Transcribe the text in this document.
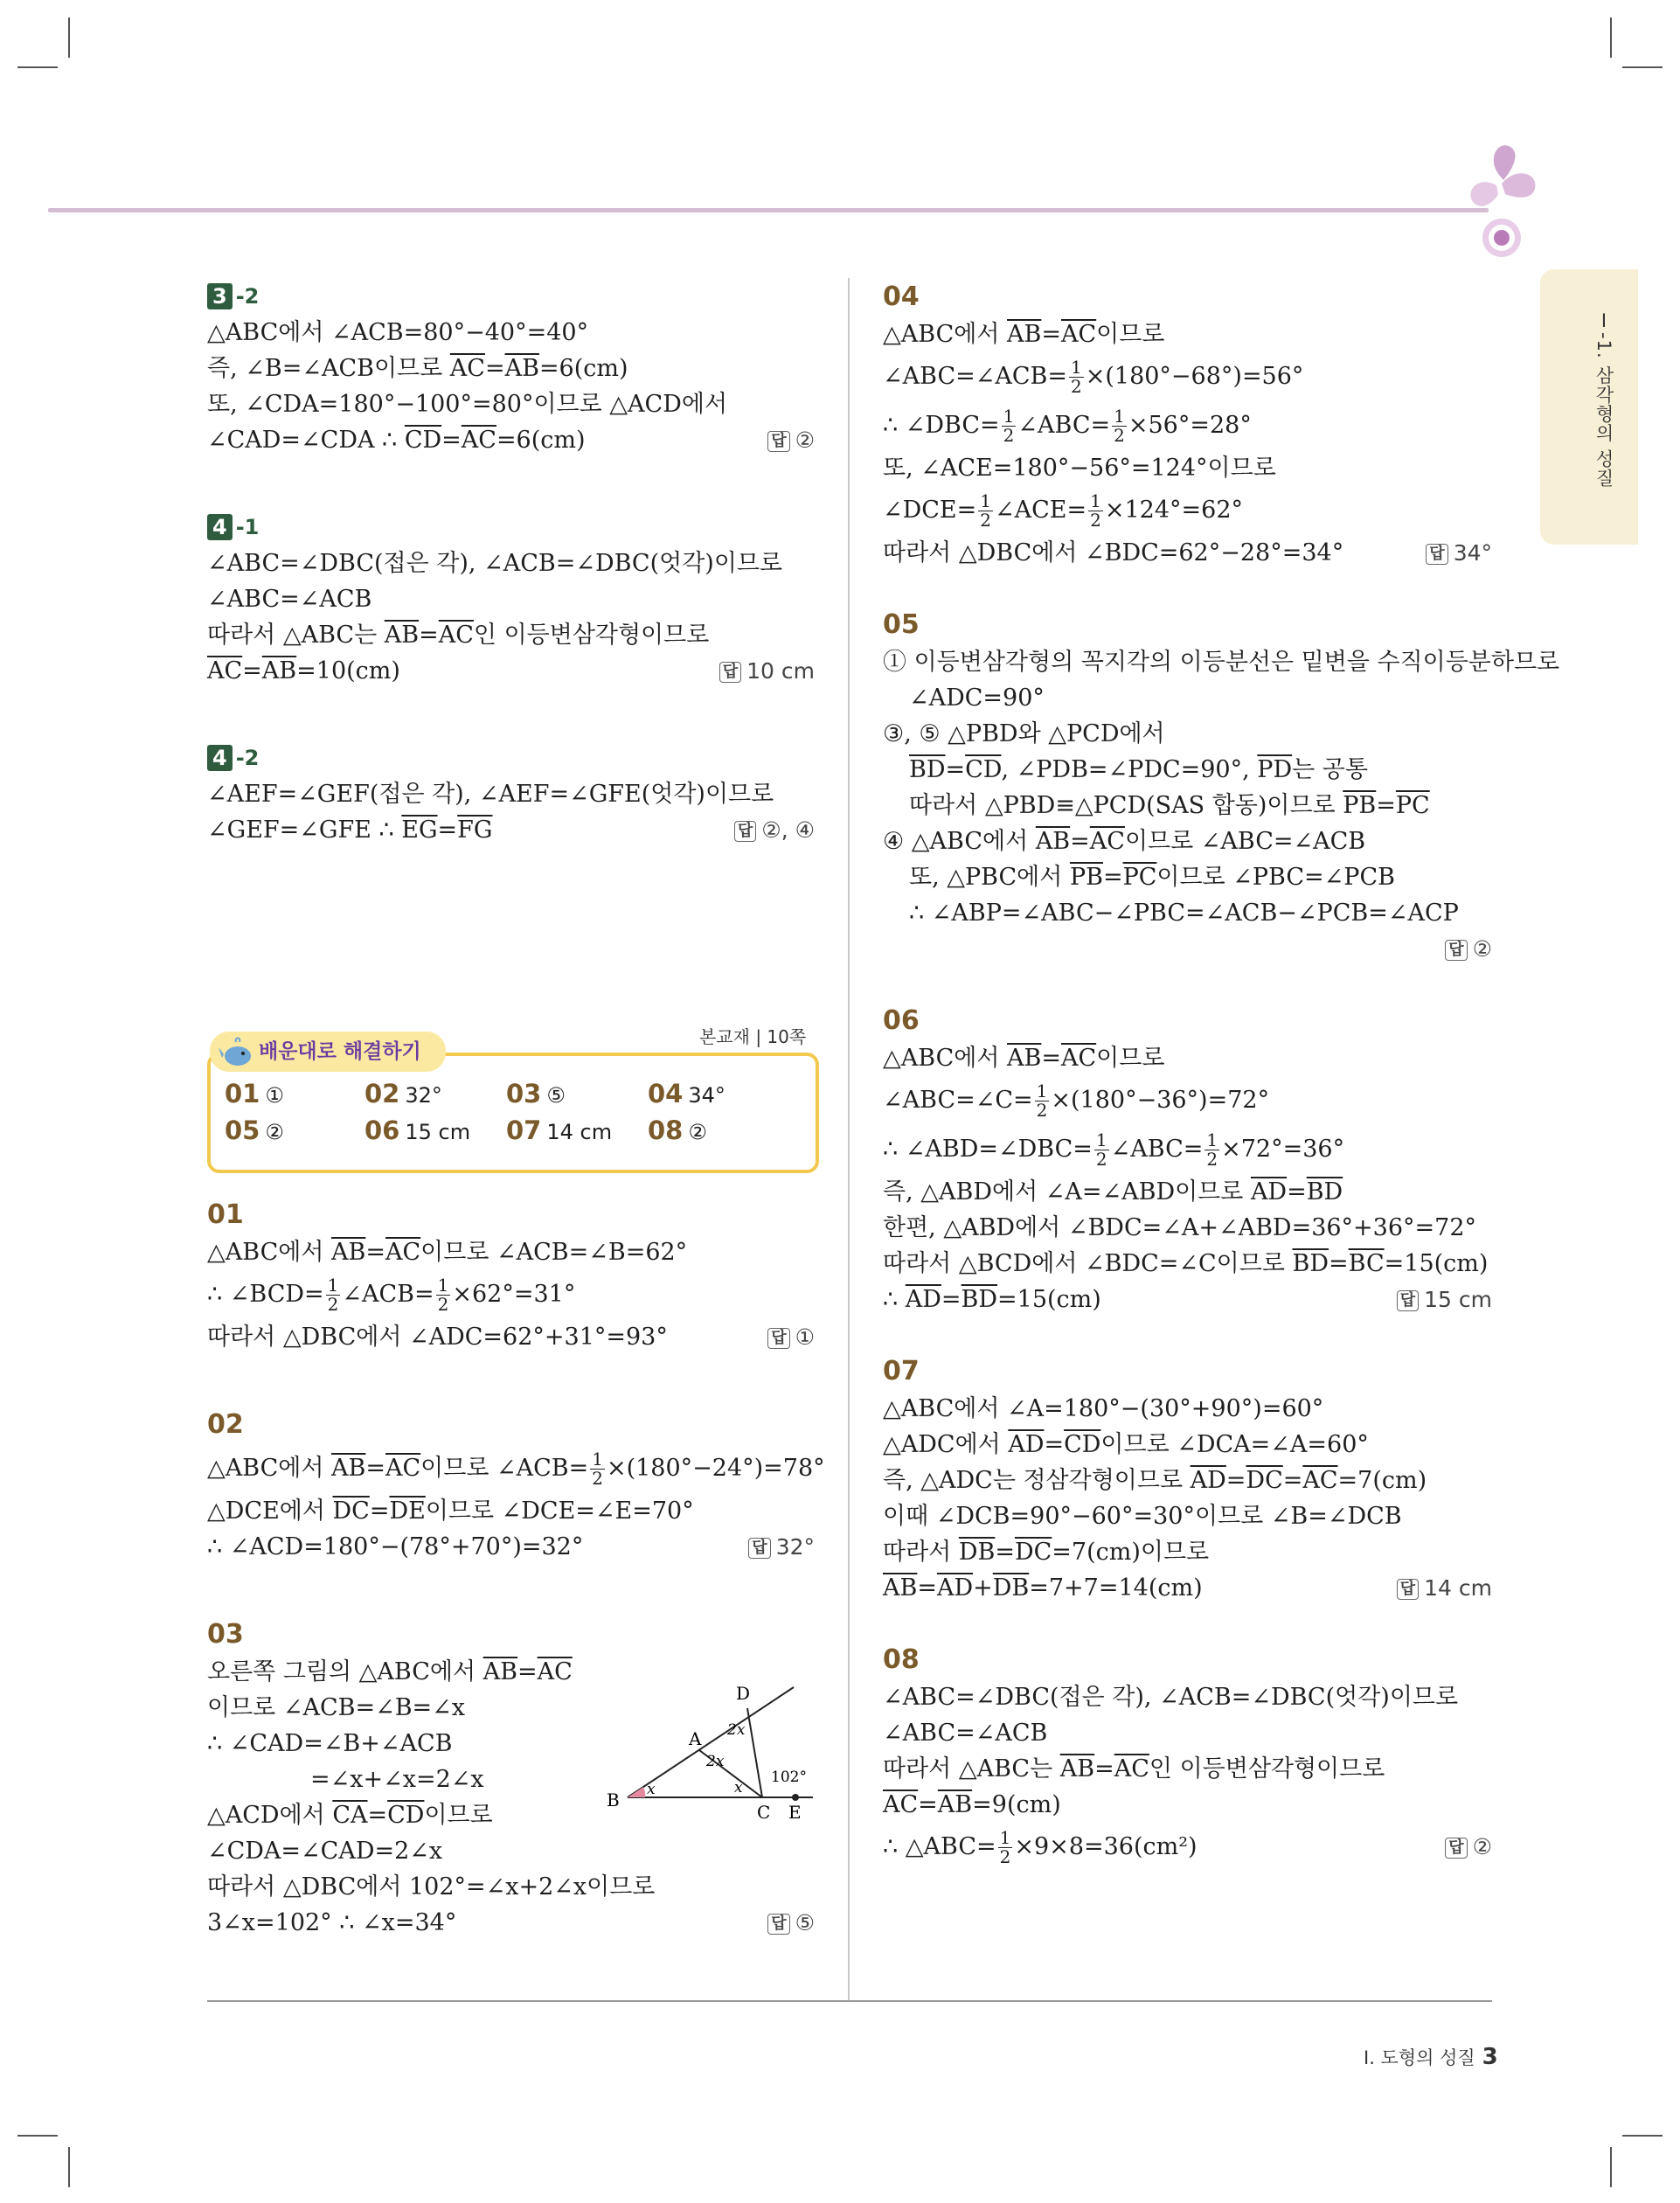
Ⅰ-1. 삼각형의 성질

3 -2

△ABC에서 ∠ACB=80°−40°=40°

즉, ∠B=∠ACB이므로 $\overline{AC}=\overline{AB}=6(cm)$

또, ∠CDA=180°−100°=80°이므로 △ACD에서

∠CAD=∠CDA ∴ $\overline{CD}=\overline{AC}=6(cm)$	답 ②

4 -1

∠ABC=∠DBC(접은 각), ∠ACB=∠DBC(엇각)이므로

∠ABC=∠ACB

따라서 △ABC는 $\overline{AB}=\overline{AC}$인 이등변삼각형이므로

$\overline{AC}=\overline{AB}=10(cm)$	답 10 cm

4 -2

∠AEF=∠GEF(접은 각), ∠AEF=∠GFE(엇각)이므로

∠GEF=∠GFE ∴ $\overline{EG}=\overline{FG}$	답 ②, ④

본교재 | 10쪽
배운대로 해결하기
01 ①	02 32°	03 ⑤	04 34°
05 ②	06 15 cm 07 14 cm 08 ②

01

△ABC에서 $\overline{AB}=\overline{AC}$이므로 ∠ACB=∠B=62°

∴ ∠BCD= $\frac{1}{2}$ ∠ACB= $\frac{1}{2} \times 62^\circ=31^\circ$

따라서 △DBC에서 ∠ADC=62°+31°=93°	답 ①

02

△ABC에서 $\overline{AB}=\overline{AC}$이므로 ∠ACB= $\frac{1}{2} \times(180^\circ-24^\circ)=78^\circ$

△DCE에서 $\overline{DC}=\overline{DE}$이므로 ∠DCE=∠E=70°

∴ ∠ACD=180°−(78°+70°)=32°	답 32°

03

오른쪽 그림의 △ABC에서 $\overline{AB}=\overline{AC}$

이므로 ∠ACB=∠B=∠x

∴ ∠CAD=∠B+∠ACB

=∠x+∠x=2∠x

△ACD에서 $\overline{CA}=\overline{CD}$이므로

∠CDA=∠CAD=2∠x

따라서 △DBC에서 102°=∠x+2∠x이므로

3∠x=102° ∴ ∠x=34°	답 ⑤

D
A
B
C E
x	x
2x
2x
102°

04

△ABC에서 $\overline{AB}=\overline{AC}$이므로

∠ABC=∠ACB= $\frac{1}{2} \times(180^\circ-68^\circ)=56^\circ$

∴ ∠DBC= $\frac{1}{2}$ ∠ABC= $\frac{1}{2} \times 56^\circ=28^\circ$

또, ∠ACE=180°−56°=124°이므로

∠DCE= $\frac{1}{2}$ ∠ACE= $\frac{1}{2} \times 124^\circ=62^\circ$

따라서 △DBC에서 ∠BDC=62°−28°=34°	답 34°

05

① 이등변삼각형의 꼭지각의 이등분선은 밑변을 수직이등분하므로

∠ADC=90°

③, ⑤ △PBD와 △PCD에서

$\overline{BD}=\overline{CD}$, ∠PDB=∠PDC=90°, $\overline{PD}$는 공통

따라서 △PBD≡△PCD(SAS 합동)이므로 $\overline{PB}=\overline{PC}$

④ △ABC에서 $\overline{AB}=\overline{AC}$이므로 ∠ABC=∠ACB

또, △PBC에서 $\overline{PB}=\overline{PC}$이므로 ∠PBC=∠PCB

∴ ∠ABP=∠ABC−∠PBC=∠ACB−∠PCB=∠ACP

답 ②

06

△ABC에서 $\overline{AB}=\overline{AC}$이므로

∠ABC=∠C= $\frac{1}{2} \times(180^\circ-36^\circ)=72^\circ$

∴ ∠ABD=∠DBC= $\frac{1}{2}$ ∠ABC= $\frac{1}{2} \times 72^\circ=36^\circ$

즉, △ABD에서 ∠A=∠ABD이므로 $\overline{AD}=\overline{BD}$

한편, △ABD에서 ∠BDC=∠A+∠ABD=36°+36°=72°

따라서 △BCD에서 ∠BDC=∠C이므로 $\overline{BD}=\overline{BC}=15(cm)$

∴ $\overline{AD}=\overline{BD}=15(cm)$	답 15 cm

07

△ABC에서 ∠A=180°−(30°+90°)=60°

△ADC에서 $\overline{AD}=\overline{CD}$이므로 ∠DCA=∠A=60°

즉, △ADC는 정삼각형이므로 $\overline{AD}=\overline{DC}=\overline{AC}=7(cm)$

이때 ∠DCB=90°−60°=30°이므로 ∠B=∠DCB

따라서 $\overline{DB}=\overline{DC}=7(cm)$이므로

$\overline{AB}=\overline{AD}+\overline{DB}=7+7=14(cm)$	답 14 cm

08

∠ABC=∠DBC(접은 각), ∠ACB=∠DBC(엇각)이므로

∠ABC=∠ACB

따라서 △ABC는 $\overline{AB}=\overline{AC}$인 이등변삼각형이므로

$\overline{AC}=\overline{AB}=9(cm)$

∴ △ABC= $\frac{1}{2} \times 9\times 8=36(cm^2)$	답 ②

Ⅰ. 도형의 성질 3
